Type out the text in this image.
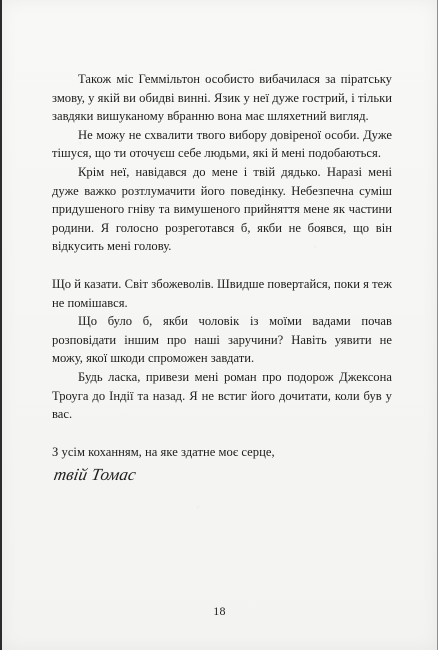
Також міс Геммільтон особисто вибачилася за піратську змову, у якій ви обидві винні. Язик у неї дуже гострий, і тільки завдяки вишуканому вбранню вона має шляхетний вигляд.

Не можу не схвалити твого вибору довіреної особи. Дуже тішуся, що ти оточуєш себе людьми, які й мені подобаються.

Крім неї, навідався до мене і твій дядько. Наразі мені дуже важко розтлумачити його поведінку. Небезпечна суміш придушеного гніву та вимушеного прийняття мене як частини родини. Я голосно розреготався б, якби не боявся, що він відкусить мені голову.

Що й казати. Світ збожеволів. Швидше повертайся, поки я теж не помішався.

Що було б, якби чоловік із моїми вадами почав розповідати іншим про наші заручини? Навіть уявити не можу, якої шкоди спроможен завдати.

Будь ласка, привези мені роман про подорож Джексона Троуга до Індії та назад. Я не встиг його дочитати, коли був у вас.

З усім коханням, на яке здатне моє серце,

твій Томас
18
